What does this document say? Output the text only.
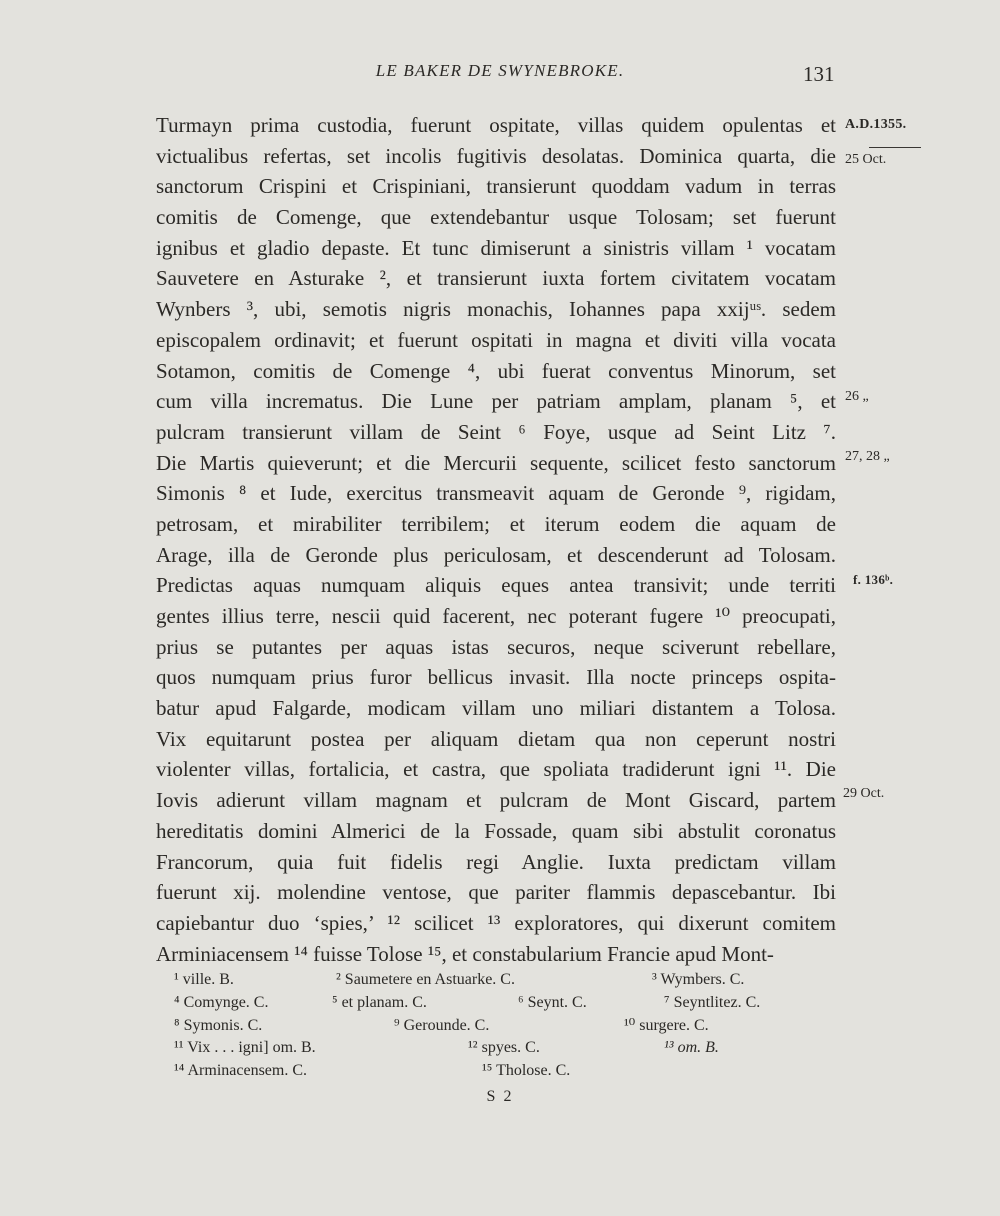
LE BAKER DE SWYNEBROKE.	131
Turmayn prima custodia, fuerunt ospitate, villas quidem opulentas et
victualibus refertas, set incolis fugitivis desolatas. Dominica quarta, die
sanctorum Crispini et Crispiniani, transierunt quoddam vadum in terras
comitis de Comenge, que extendebantur usque Tolosam; set fuerunt
ignibus et gladio depaste. Et tunc dimiserunt a sinistris villam ¹ vocatam
Sauvetere en Asturake ², et transierunt iuxta fortem civitatem vocatam
Wynbers ³, ubi, semotis nigris monachis, Iohannes papa xxijᵘˢ. sedem
episcopalem ordinavit; et fuerunt ospitati in magna et diviti villa vocata
Sotamon, comitis de Comenge ⁴, ubi fuerat conventus Minorum, set
cum villa incrematus. Die Lune per patriam amplam, planam ⁵, et
pulcram transierunt villam de Seint ⁶ Foye, usque ad Seint Litz ⁷.
Die Martis quieverunt; et die Mercurii sequente, scilicet festo sanctorum
Simonis ⁸ et Iude, exercitus transmeavit aquam de Geronde ⁹, rigidam,
petrosam, et mirabiliter terribilem; et iterum eodem die aquam de
Arage, illa de Geronde plus periculosam, et descenderunt ad Tolosam.
Predictas aquas numquam aliquis eques antea transivit; unde territi
gentes illius terre, nescii quid facerent, nec poterant fugere ¹⁰ preocupati,
prius se putantes per aquas istas securos, neque sciverunt rebellare,
quos numquam prius furor bellicus invasit. Illa nocte princeps ospita-
batur apud Falgarde, modicam villam uno miliari distantem a Tolosa.
Vix equitarunt postea per aliquam dietam qua non ceperunt nostri
violenter villas, fortalicia, et castra, que spoliata tradiderunt igni ¹¹. Die
Iovis adierunt villam magnam et pulcram de Mont Giscard, partem
hereditatis domini Almerici de la Fossade, quam sibi abstulit coronatus
Francorum, quia fuit fidelis regi Anglie. Iuxta predictam villam
fuerunt xij. molendine ventose, que pariter flammis depascebantur. Ibi
capiebantur duo ‘spies,’ ¹² scilicet ¹³ exploratores, qui dixerunt comitem
Arminiacensem ¹⁴ fuisse Tolose ¹⁵, et constabularium Francie apud Mont-
A.D.1355.
25 Oct.
26 „
27, 28 „
f. 136ᵇ.
29 Oct.
¹ ville. B.	² Saumetere en Astuarke. C.	³ Wymbers. C.
⁴ Comynge. C.	⁵ et planam. C.	⁶ Seynt. C.	⁷ Seyntlitez. C.
⁸ Symonis. C.	⁹ Gerounde. C.	¹⁰ surgere. C.
¹¹ Vix . . . igni] om. B.	¹² spyes. C.	¹³ om. B.
¹⁴ Arminacensem. C.	¹⁵ Tholose. C.
S 2
